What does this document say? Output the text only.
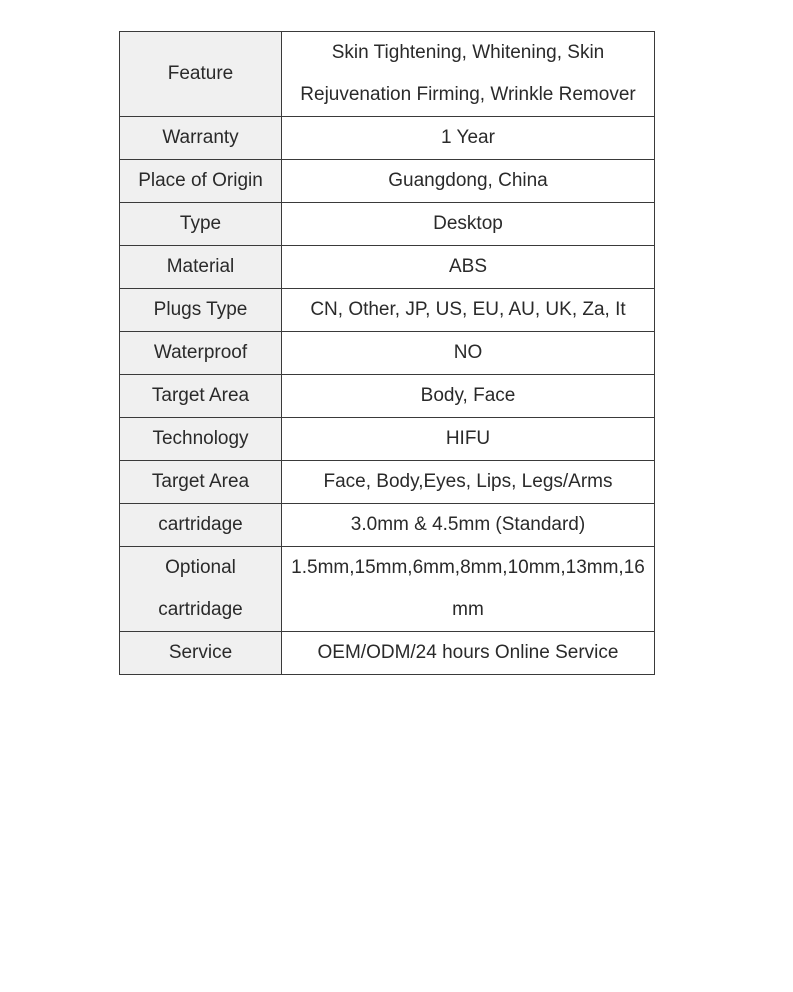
Feature	Skin Tightening, Whitening, Skin Rejuvenation Firming, Wrinkle Remover
Warranty	1 Year
Place of Origin	Guangdong, China
Type	Desktop
Material	ABS
Plugs Type	CN, Other, JP, US, EU, AU, UK, Za, It
Waterproof	NO
Target Area	Body, Face
Technology	HIFU
Target Area	Face, Body,Eyes, Lips, Legs/Arms
cartridage	3.0mm & 4.5mm (Standard)
Optional cartridage	1.5mm,15mm,6mm,8mm,10mm,13mm,16mm
Service	OEM/ODM/24 hours Online Service
